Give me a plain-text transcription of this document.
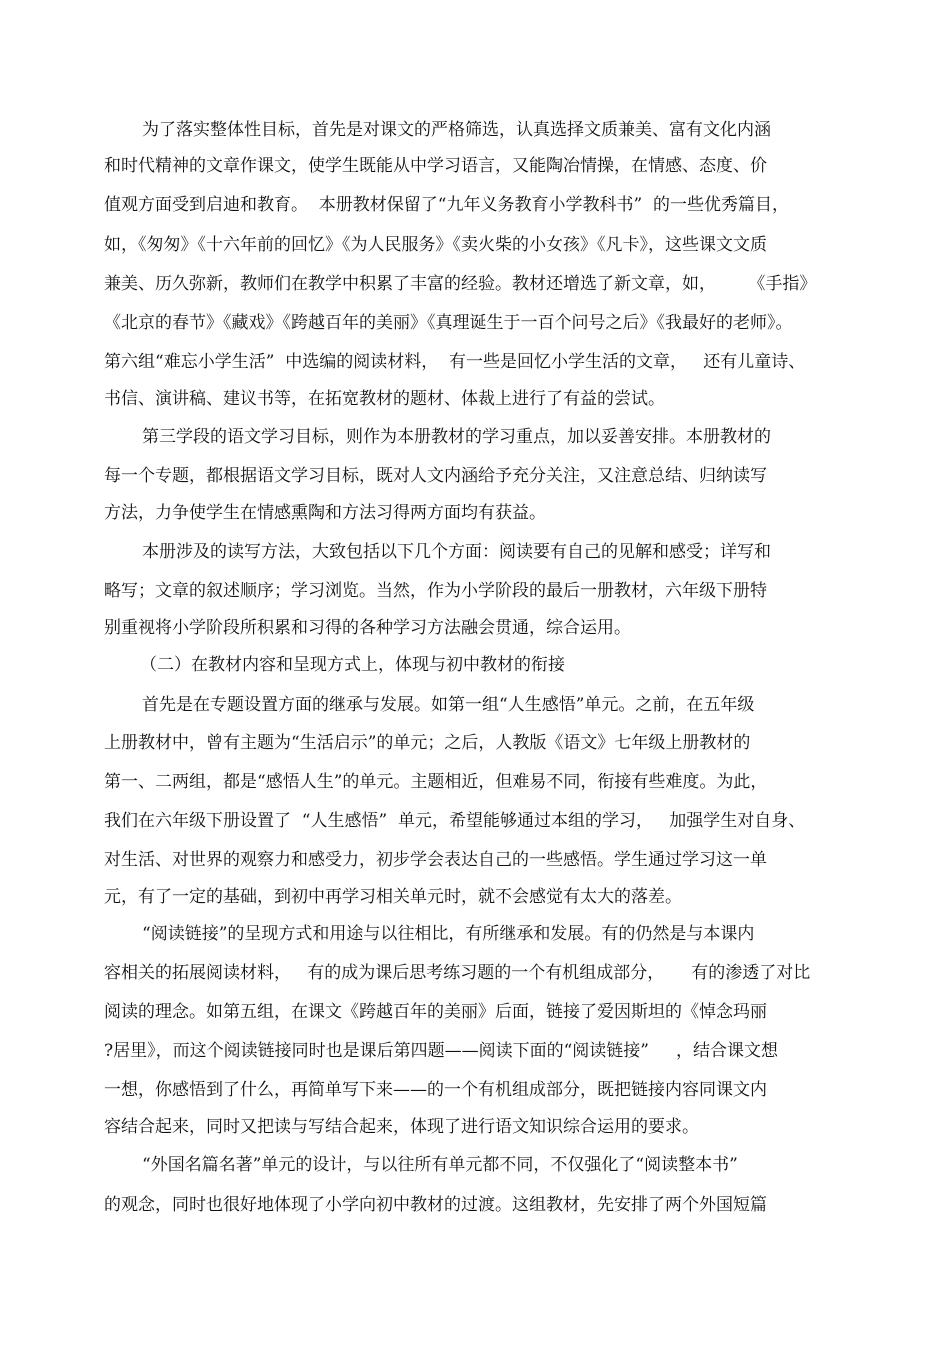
为了落实整体性目标，首先是对课文的严格筛选，认真选择文质兼美、富有文化内涵

和时代精神的文章作课文，使学生既能从中学习语言，又能陶冶情操，在情感、态度、价

值观方面受到启迪和教育。  本册教材保留了“九年义务教育小学教科书”  的一些优秀篇目，

如，《匆匆》《十六年前的回忆》《为人民服务》《卖火柴的小女孩》《凡卡》，这些课文文质

兼美、历久弥新，教师们在教学中积累了丰富的经验。教材还增选了新文章，如，      《手指》

《北京的春节》《藏戏》《跨越百年的美丽》《真理诞生于一百个问号之后》《我最好的老师》。

第六组“难忘小学生活”  中选编的阅读材料，  有一些是回忆小学生活的文章，   还有儿童诗、

书信、演讲稿、建议书等，在拓宽教材的题材、体裁上进行了有益的尝试。

第三学段的语文学习目标，则作为本册教材的学习重点，加以妥善安排。本册教材的

每一个专题，都根据语文学习目标，既对人文内涵给予充分关注，又注意总结、归纳读写

方法，力争使学生在情感熏陶和方法习得两方面均有获益。

本册涉及的读写方法，大致包括以下几个方面：阅读要有自己的见解和感受；详写和

略写；文章的叙述顺序；学习浏览。当然，作为小学阶段的最后一册教材，六年级下册特

别重视将小学阶段所积累和习得的各种学习方法融会贯通，综合运用。

（二）在教材内容和呈现方式上，体现与初中教材的衔接

首先是在专题设置方面的继承与发展。如第一组“人生感悟”单元。之前，在五年级

上册教材中，曾有主题为“生活启示”的单元；之后，人教版《语文》七年级上册教材的

第一、二两组，都是“感悟人生”的单元。主题相近，但难易不同，衔接有些难度。为此，

我们在六年级下册设置了  “人生感悟”  单元，希望能够通过本组的学习，   加强学生对自身、

对生活、对世界的观察力和感受力，初步学会表达自己的一些感悟。学生通过学习这一单

元，有了一定的基础，到初中再学习相关单元时，就不会感觉有太大的落差。

“阅读链接”的呈现方式和用途与以往相比，有所继承和发展。有的仍然是与本课内

容相关的拓展阅读材料，   有的成为课后思考练习题的一个有机组成部分，     有的渗透了对比

阅读的理念。如第五组，在课文《跨越百年的美丽》后面，链接了爱因斯坦的《悼念玛丽

?居里》，而这个阅读链接同时也是课后第四题——阅读下面的“阅读链接”     ，结合课文想

一想，你感悟到了什么，再简单写下来——的一个有机组成部分，既把链接内容同课文内

容结合起来，同时又把读与写结合起来，体现了进行语文知识综合运用的要求。

“外国名篇名著”单元的设计，与以往所有单元都不同，不仅强化了“阅读整本书”

的观念，同时也很好地体现了小学向初中教材的过渡。这组教材，先安排了两个外国短篇
